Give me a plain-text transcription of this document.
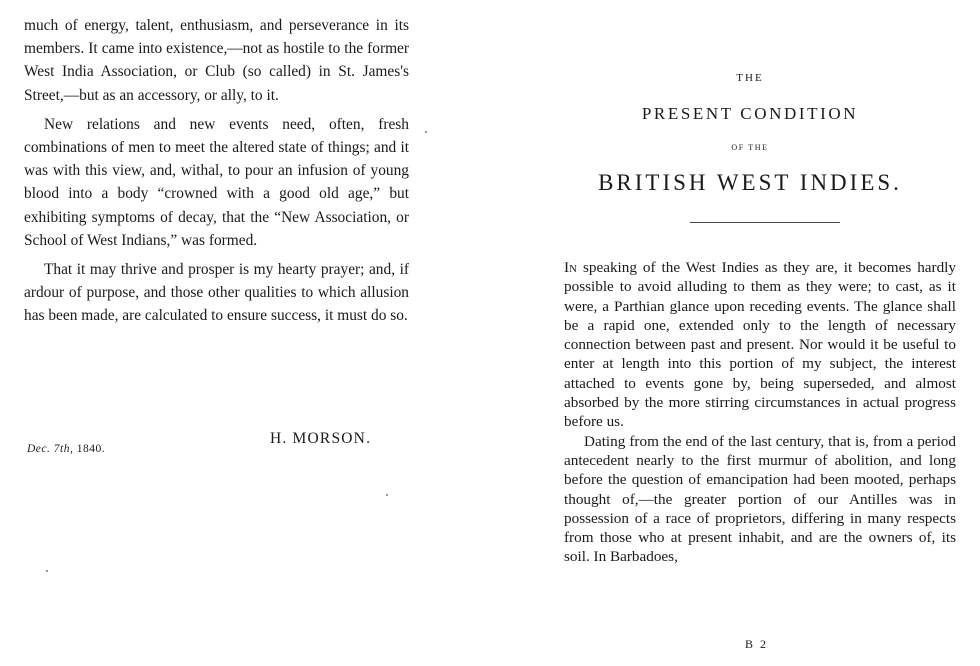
much of energy, talent, enthusiasm, and perseverance in its members. It came into existence,—not as hostile to the former West India Association, or Club (so called) in St. James's Street,—but as an accessory, or ally, to it.

New relations and new events need, often, fresh combinations of men to meet the altered state of things; and it was with this view, and, withal, to pour an infusion of young blood into a body “crowned with a good old age,” but exhibiting symptoms of decay, that the “New Association, or School of West Indians,” was formed.

That it may thrive and prosper is my hearty prayer; and, if ardour of purpose, and those other qualities to which allusion has been made, are calculated to ensure success, it must do so.

H. MORSON.
Dec. 7th, 1840.
THE
PRESENT CONDITION
OF THE
BRITISH WEST INDIES.

In speaking of the West Indies as they are, it becomes hardly possible to avoid alluding to them as they were; to cast, as it were, a Parthian glance upon receding events. The glance shall be a rapid one, extended only to the length of necessary connection between past and present. Nor would it be useful to enter at length into this portion of my subject, the interest attached to events gone by, being superseded, and almost absorbed by the more stirring circumstances in actual progress before us.

Dating from the end of the last century, that is, from a period antecedent nearly to the first murmur of abolition, and long before the question of emancipation had been mooted, perhaps thought of,—the greater portion of our Antilles was in possession of a race of proprietors, differing in many respects from those who at present inhabit, and are the owners of, its soil. In Barbadoes,

B 2
